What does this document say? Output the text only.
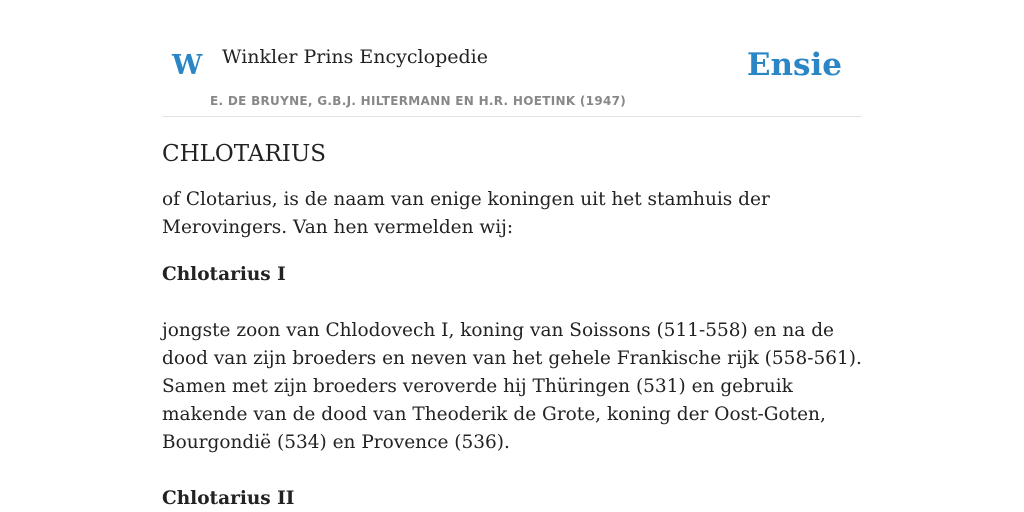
W Winkler Prins Encyclopedie
E. DE BRUYNE, G.B.J. HILTERMANN EN H.R. HOETINK (1947)
Ensie
CHLOTARIUS

of Clotarius, is de naam van enige koningen uit het stamhuis der Merovingers. Van hen vermelden wij:

Chlotarius I

jongste zoon van Chlodovech I, koning van Soissons (511-558) en na de dood van zijn broeders en neven van het gehele Frankische rijk (558-561). Samen met zijn broeders veroverde hij Thüringen (531) en gebruik makende van de dood van Theoderik de Grote, koning der Oost-Goten, Bourgondië (534) en Provence (536).

Chlotarius II
